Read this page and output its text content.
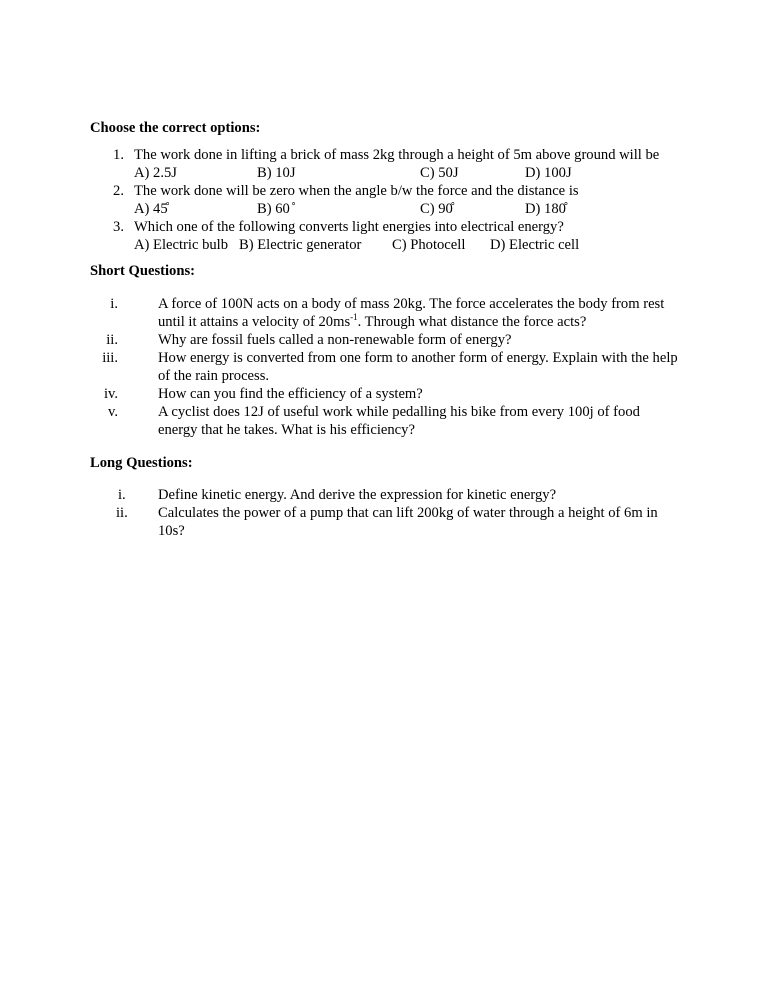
Choose the correct options:
1. The work done in lifting a brick of mass 2kg through a height of 5m above ground will be
A) 2.5J	B) 10J	C) 50J	D) 100J
2. The work done will be zero when the angle b/w the force and the distance is
A) 45̊	B) 60 ̊	C) 90̊	D) 180̊
3. Which one of the following converts light energies into electrical energy?
A) Electric bulb B) Electric generator C) Photocell D) Electric cell
Short Questions:
i.	A force of 100N acts on a body of mass 20kg. The force accelerates the body from rest
until it attains a velocity of $20ms^{-1}$. Through what distance the force acts?
ii.	Why are fossil fuels called a non-renewable form of energy?
iii.	How energy is converted from one form to another form of energy. Explain with the help
of the rain process.
iv.	How can you find the efficiency of a system?
v.	A cyclist does 12J of useful work while pedalling his bike from every 100j of food
energy that he takes. What is his efficiency?
Long Questions:
i. Define kinetic energy. And derive the expression for kinetic energy?
ii. Calculates the power of a pump that can lift 200kg of water through a height of 6m in
10s?
